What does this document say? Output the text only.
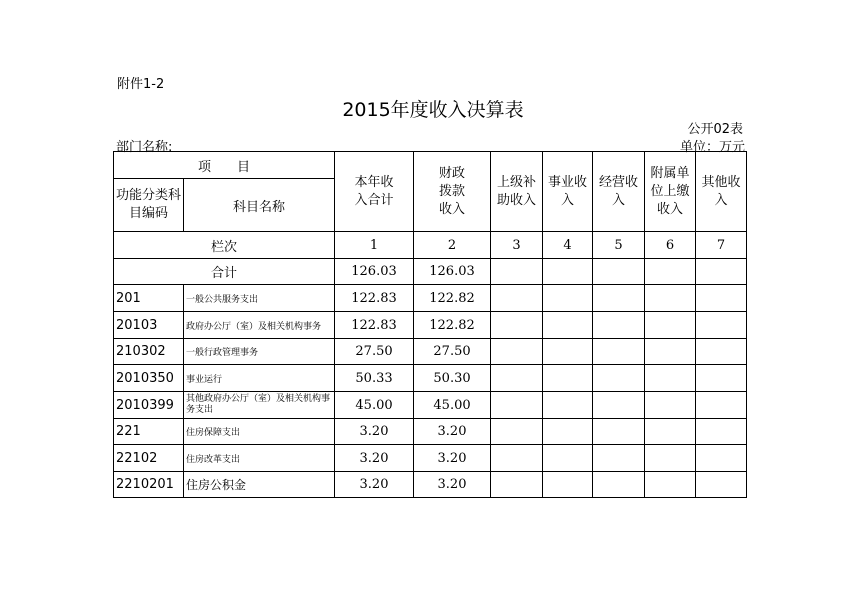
附件1-2
2015年度收入决算表
公开02表
部门名称:	单位：万元
项　　目		本年收入合计	财政拨款收入	上级补助收入	事业收入	经营收入	附属单位上缴收入	其他收入

功能分类科目编码	科目名称							
栏次		1	2	3	4	5	6	7
合计		126.03	126.03					
201	一般公共服务支出	122.83	122.82					
20103	政府办公厅（室）及相关机构事务	122.83	122.82					
210302	一般行政管理事务	27.50	27.50					
2010350	事业运行	50.33	50.30					
2010399	其他政府办公厅（室）及相关机构事务支出	45.00	45.00					
221	住房保障支出	3.20	3.20					
22102	住房改革支出	3.20	3.20					
2210201	住房公积金	3.20	3.20					
